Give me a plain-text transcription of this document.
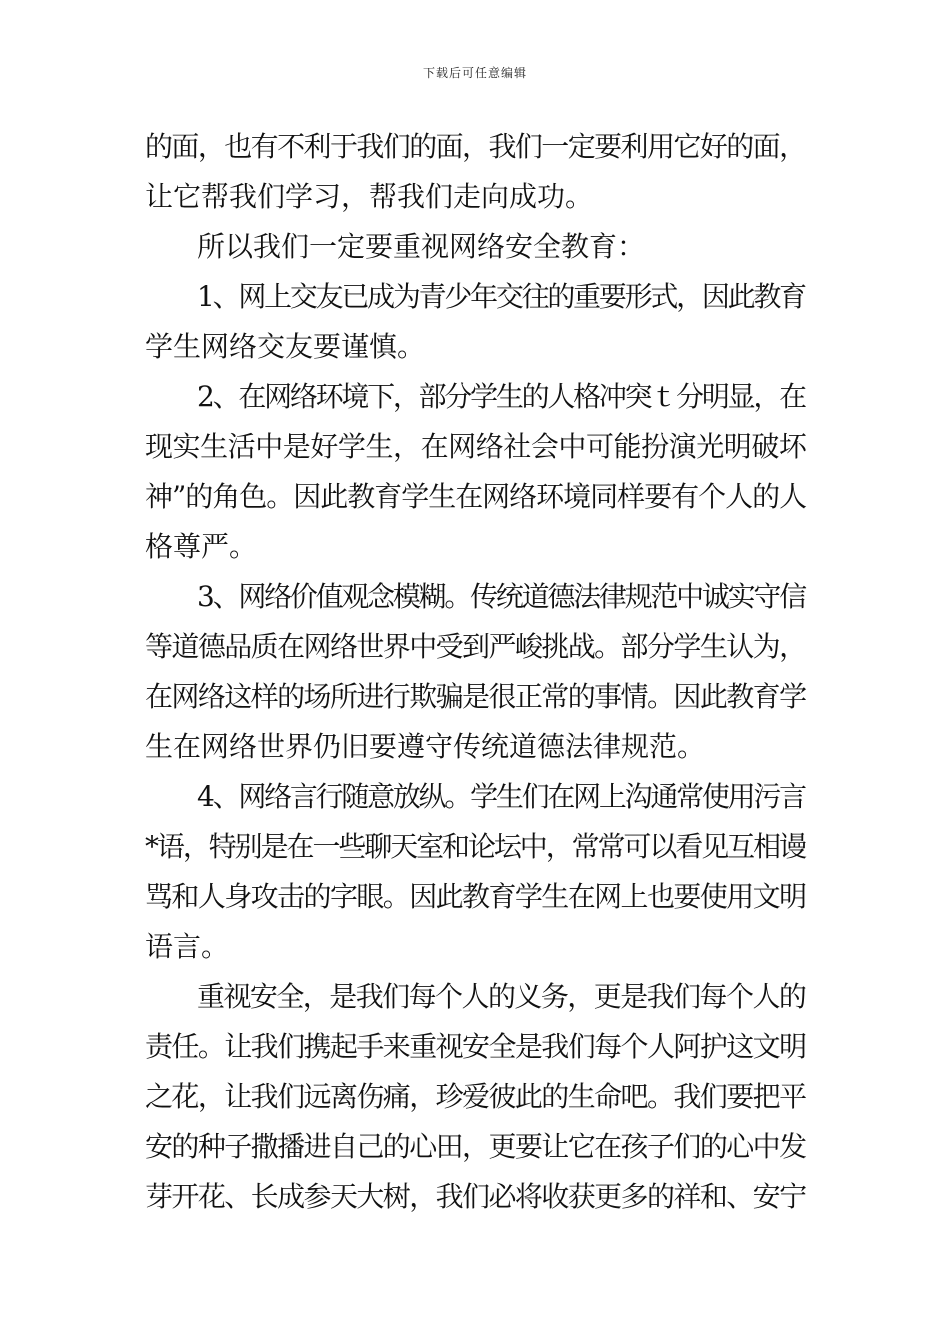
下载后可任意编辑
的面，也有不利于我们的面，我们一定要利用它好的面，
让它帮我们学习，帮我们走向成功。
所以我们一定要重视网络安全教育：
1、网上交友已成为青少年交往的重要形式，因此教育
学生网络交友要谨慎。
2、在网络环境下，部分学生的人格冲突ｔ分明显，在
现实生活中是好学生，在网络社会中可能扮演光明破坏
神”的角色。因此教育学生在网络环境同样要有个人的人
格尊严。
3、网络价值观念模糊。传统道德法律规范中诚实守信
等道德品质在网络世界中受到严峻挑战。部分学生认为，
在网络这样的场所进行欺骗是很正常的事情。因此教育学
生在网络世界仍旧要遵守传统道德法律规范。
4、网络言行随意放纵。学生们在网上沟通常使用污言
*语，特别是在一些聊天室和论坛中，常常可以看见互相谩
骂和人身攻击的字眼。因此教育学生在网上也要使用文明
语言。
重视安全，是我们每个人的义务，更是我们每个人的
责任。让我们携起手来重视安全是我们每个人阿护这文明
之花，让我们远离伤痛，珍爱彼此的生命吧。我们要把平
安的种子撒播进自己的心田，更要让它在孩子们的心中发
芽开花、长成参天大树，我们必将收获更多的祥和、安宁
